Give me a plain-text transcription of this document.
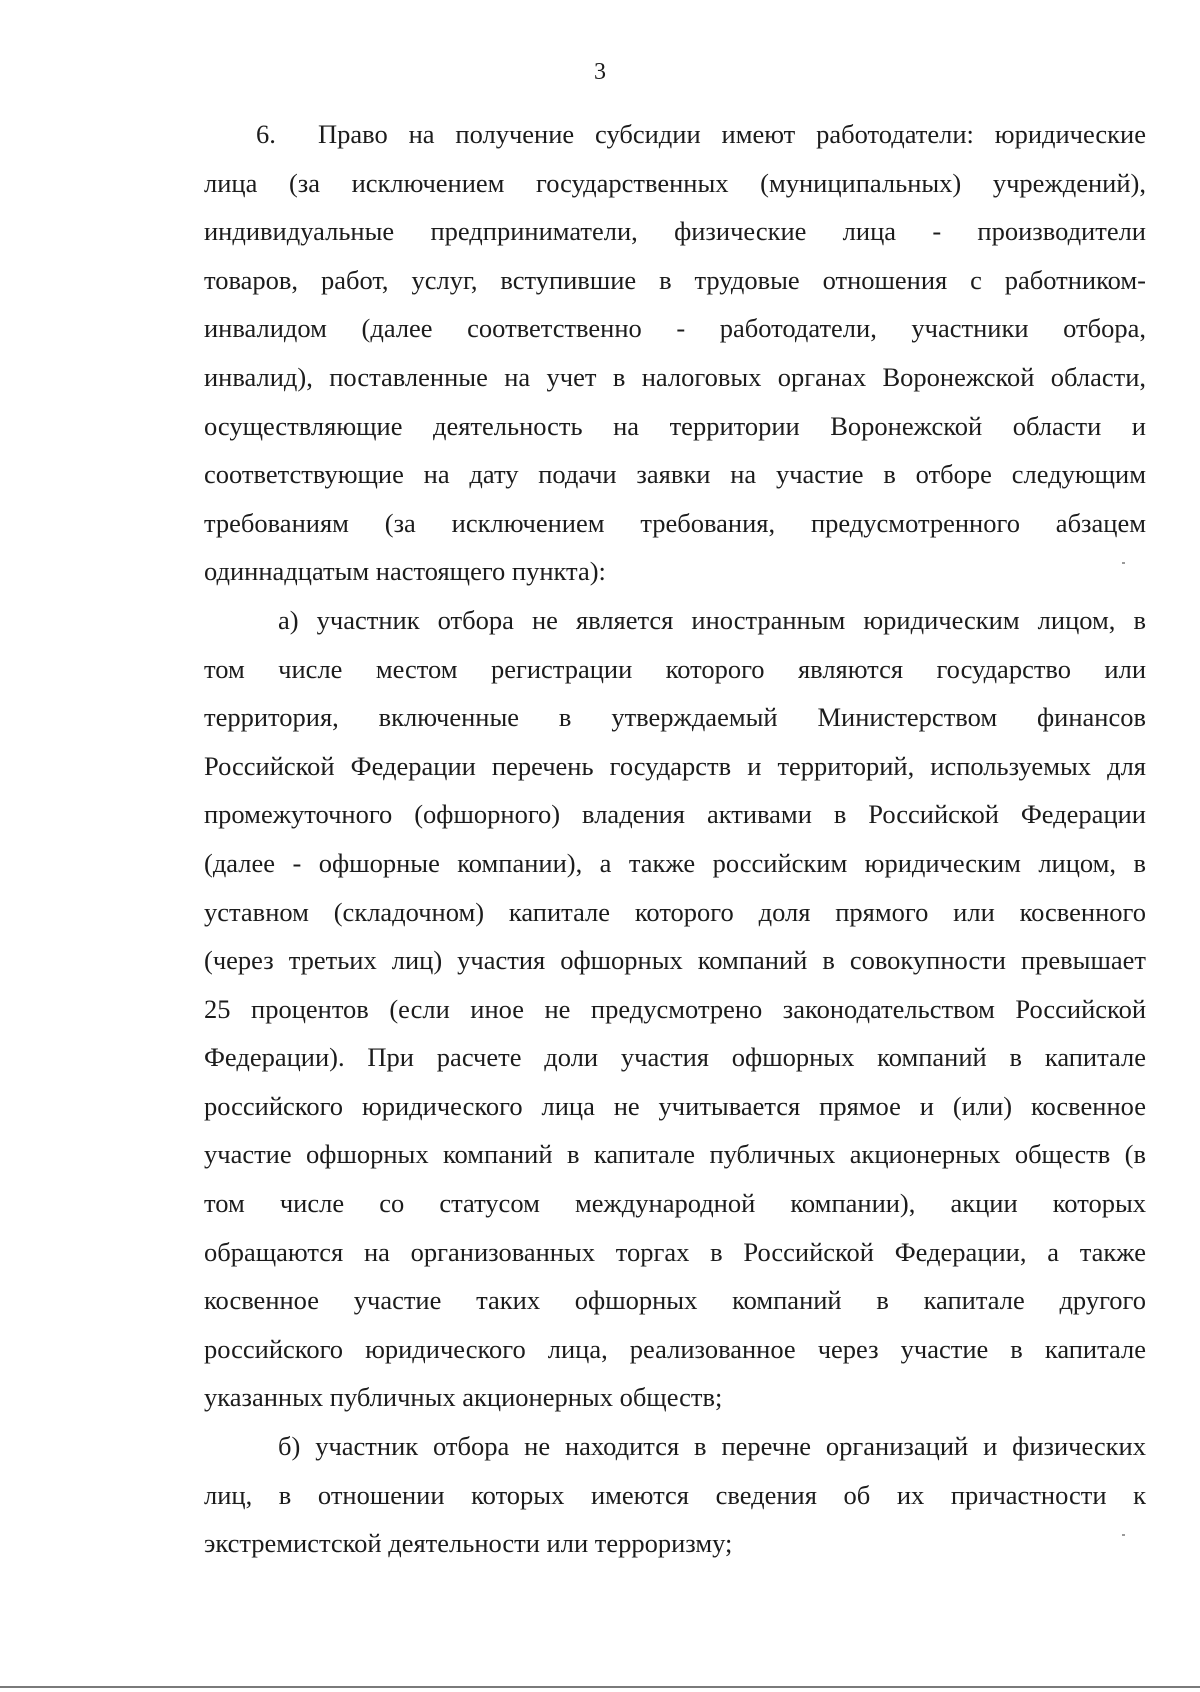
3
6. Право на получение субсидии имеют работодатели: юридические
лица (за исключением государственных (муниципальных) учреждений),
индивидуальные предприниматели, физические лица - производители
товаров, работ, услуг, вступившие в трудовые отношения с работником-
инвалидом (далее соответственно - работодатели, участники отбора,
инвалид), поставленные на учет в налоговых органах Воронежской области,
осуществляющие деятельность на территории Воронежской области и
соответствующие на дату подачи заявки на участие в отборе следующим
требованиям (за исключением требования, предусмотренного абзацем
одиннадцатым настоящего пункта):
а) участник отбора не является иностранным юридическим лицом, в
том числе местом регистрации которого являются государство или
территория, включенные в утверждаемый Министерством финансов
Российской Федерации перечень государств и территорий, используемых для
промежуточного (офшорного) владения активами в Российской Федерации
(далее - офшорные компании), а также российским юридическим лицом, в
уставном (складочном) капитале которого доля прямого или косвенного
(через третьих лиц) участия офшорных компаний в совокупности превышает
25 процентов (если иное не предусмотрено законодательством Российской
Федерации). При расчете доли участия офшорных компаний в капитале
российского юридического лица не учитывается прямое и (или) косвенное
участие офшорных компаний в капитале публичных акционерных обществ (в
том числе со статусом международной компании), акции которых
обращаются на организованных торгах в Российской Федерации, а также
косвенное участие таких офшорных компаний в капитале другого
российского юридического лица, реализованное через участие в капитале
указанных публичных акционерных обществ;
б) участник отбора не находится в перечне организаций и физических
лиц, в отношении которых имеются сведения об их причастности к
экстремистской деятельности или терроризму;
